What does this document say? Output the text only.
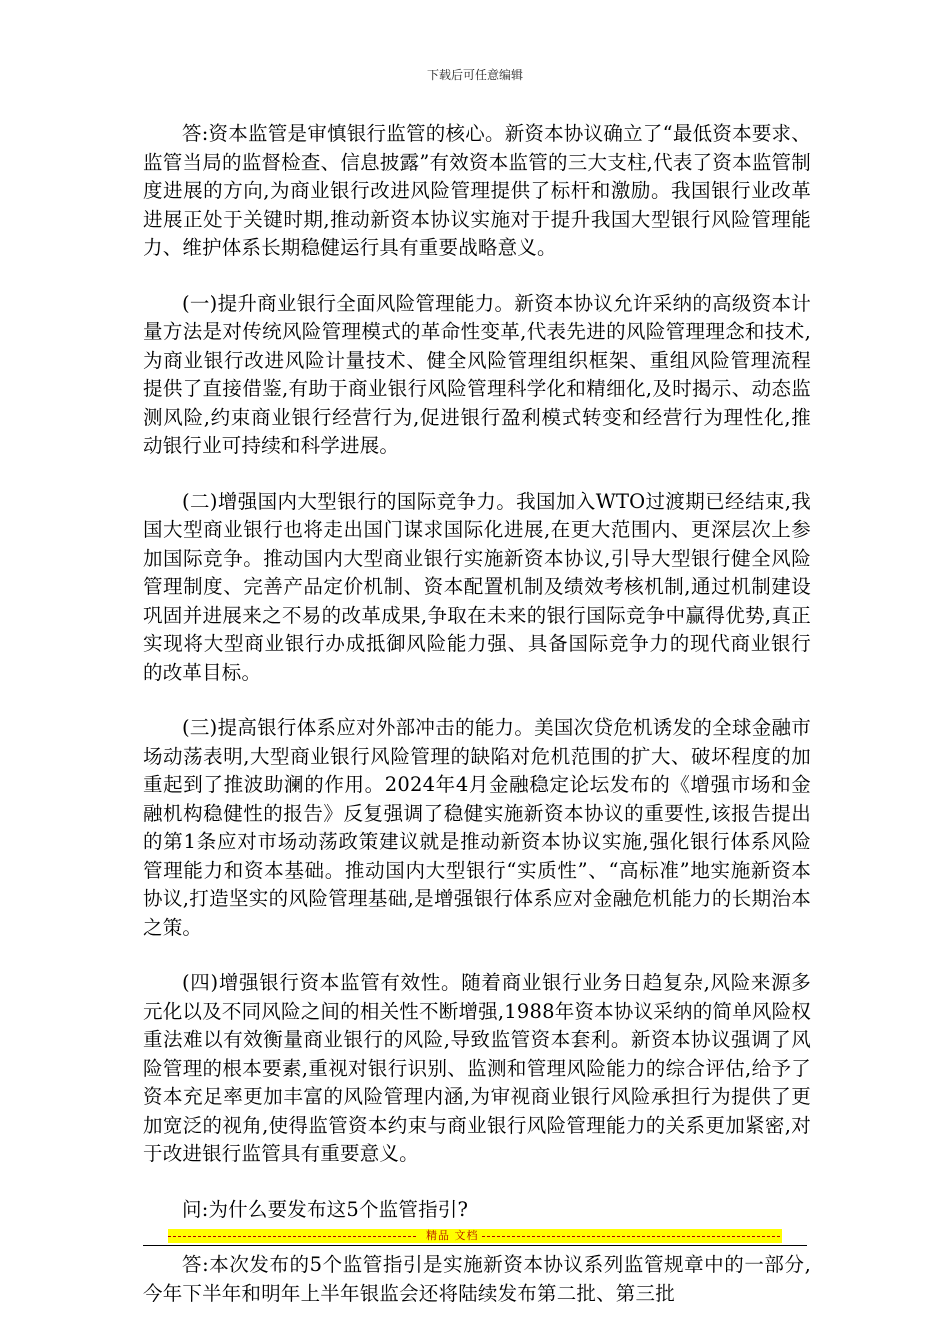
下载后可任意编辑

答:资本监管是审慎银行监管的核心。新资本协议确立了“最低资本要求、监管当局的监督检查、信息披露”有效资本监管的三大支柱,代表了资本监管制度进展的方向,为商业银行改进风险管理提供了标杆和激励。我国银行业改革进展正处于关键时期,推动新资本协议实施对于提升我国大型银行风险管理能力、维护体系长期稳健运行具有重要战略意义。

(一)提升商业银行全面风险管理能力。新资本协议允许采纳的高级资本计量方法是对传统风险管理模式的革命性变革,代表先进的风险管理理念和技术,为商业银行改进风险计量技术、健全风险管理组织框架、重组风险管理流程提供了直接借鉴,有助于商业银行风险管理科学化和精细化,及时揭示、动态监测风险,约束商业银行经营行为,促进银行盈利模式转变和经营行为理性化,推动银行业可持续和科学进展。

(二)增强国内大型银行的国际竞争力。我国加入WTO过渡期已经结束,我国大型商业银行也将走出国门谋求国际化进展,在更大范围内、更深层次上参加国际竞争。推动国内大型商业银行实施新资本协议,引导大型银行健全风险管理制度、完善产品定价机制、资本配置机制及绩效考核机制,通过机制建设巩固并进展来之不易的改革成果,争取在未来的银行国际竞争中赢得优势,真正实现将大型商业银行办成抵御风险能力强、具备国际竞争力的现代商业银行的改革目标。

(三)提高银行体系应对外部冲击的能力。美国次贷危机诱发的全球金融市场动荡表明,大型商业银行风险管理的缺陷对危机范围的扩大、破坏程度的加重起到了推波助澜的作用。2024年4月金融稳定论坛发布的《增强市场和金融机构稳健性的报告》反复强调了稳健实施新资本协议的重要性,该报告提出的第1条应对市场动荡政策建议就是推动新资本协议实施,强化银行体系风险管理能力和资本基础。推动国内大型银行“实质性”、“高标准”地实施新资本协议,打造坚实的风险管理基础,是增强银行体系应对金融危机能力的长期治本之策。

(四)增强银行资本监管有效性。随着商业银行业务日趋复杂,风险来源多元化以及不同风险之间的相关性不断增强,1988年资本协议采纳的简单风险权重法难以有效衡量商业银行的风险,导致监管资本套利。新资本协议强调了风险管理的根本要素,重视对银行识别、监测和管理风险能力的综合评估,给予了资本充足率更加丰富的风险管理内涵,为审视商业银行风险承担行为提供了更加宽泛的视角,使得监管资本约束与商业银行风险管理能力的关系更加紧密,对于改进银行监管具有重要意义。

问:为什么要发布这5个监管指引?

答:本次发布的5个监管指引是实施新资本协议系列监管规章中的一部分,今年下半年和明年上半年银监会还将陆续发布第二批、第三批

精品 文档
